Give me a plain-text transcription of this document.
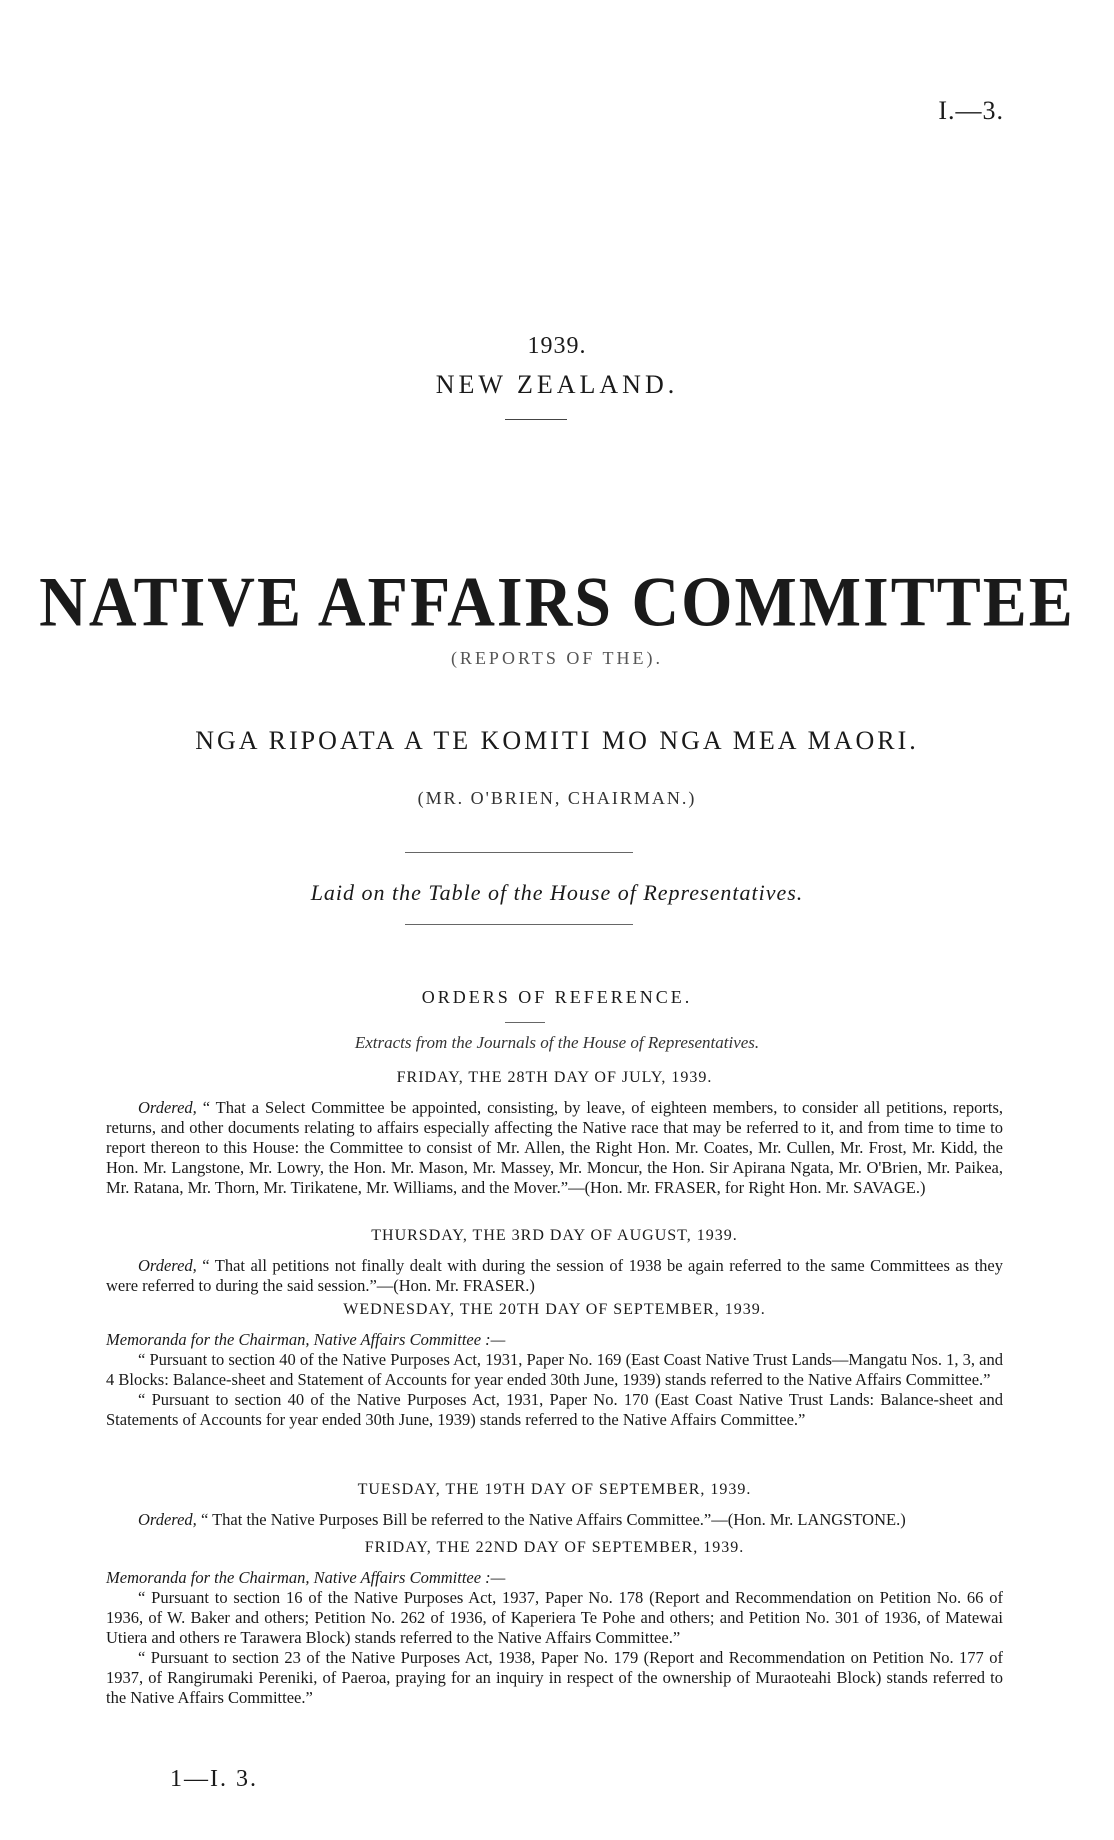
I.—3.
1939.
NEW ZEALAND.
NATIVE AFFAIRS COMMITTEE
(REPORTS OF THE).
NGA RIPOATA A TE KOMITI MO NGA MEA MAORI.
(MR. O'BRIEN, CHAIRMAN.)
Laid on the Table of the House of Representatives.
ORDERS OF REFERENCE.
Extracts from the Journals of the House of Representatives.
FRIDAY, THE 28TH DAY OF JULY, 1939.

Ordered, “ That a Select Committee be appointed, consisting, by leave, of eighteen members, to consider all petitions, reports, returns, and other documents relating to affairs especially affecting the Native race that may be referred to it, and from time to time to report thereon to this House: the Committee to consist of Mr. Allen, the Right Hon. Mr. Coates, Mr. Cullen, Mr. Frost, Mr. Kidd, the Hon. Mr. Langstone, Mr. Lowry, the Hon. Mr. Mason, Mr. Massey, Mr. Moncur, the Hon. Sir Apirana Ngata, Mr. O'Brien, Mr. Paikea, Mr. Ratana, Mr. Thorn, Mr. Tirikatene, Mr. Williams, and the Mover.”—(Hon. Mr. FRASER, for Right Hon. Mr. SAVAGE.)

THURSDAY, THE 3RD DAY OF AUGUST, 1939.

Ordered, “ That all petitions not finally dealt with during the session of 1938 be again referred to the same Committees as they were referred to during the said session.”—(Hon. Mr. FRASER.)

WEDNESDAY, THE 20TH DAY OF SEPTEMBER, 1939.

Memoranda for the Chairman, Native Affairs Committee :—

“ Pursuant to section 40 of the Native Purposes Act, 1931, Paper No. 169 (East Coast Native Trust Lands—Mangatu Nos. 1, 3, and 4 Blocks: Balance-sheet and Statement of Accounts for year ended 30th June, 1939) stands referred to the Native Affairs Committee.”

“ Pursuant to section 40 of the Native Purposes Act, 1931, Paper No. 170 (East Coast Native Trust Lands: Balance-sheet and Statements of Accounts for year ended 30th June, 1939) stands referred to the Native Affairs Committee.”

TUESDAY, THE 19TH DAY OF SEPTEMBER, 1939.

Ordered, “ That the Native Purposes Bill be referred to the Native Affairs Committee.”—(Hon. Mr. LANGSTONE.)

FRIDAY, THE 22ND DAY OF SEPTEMBER, 1939.

Memoranda for the Chairman, Native Affairs Committee :—

“ Pursuant to section 16 of the Native Purposes Act, 1937, Paper No. 178 (Report and Recommendation on Petition No. 66 of 1936, of W. Baker and others; Petition No. 262 of 1936, of Kaperiera Te Pohe and others; and Petition No. 301 of 1936, of Matewai Utiera and others re Tarawera Block) stands referred to the Native Affairs Committee.”

“ Pursuant to section 23 of the Native Purposes Act, 1938, Paper No. 179 (Report and Recommendation on Petition No. 177 of 1937, of Rangirumaki Pereniki, of Paeroa, praying for an inquiry in respect of the ownership of Muraoteahi Block) stands referred to the Native Affairs Committee.”

1—I. 3.
